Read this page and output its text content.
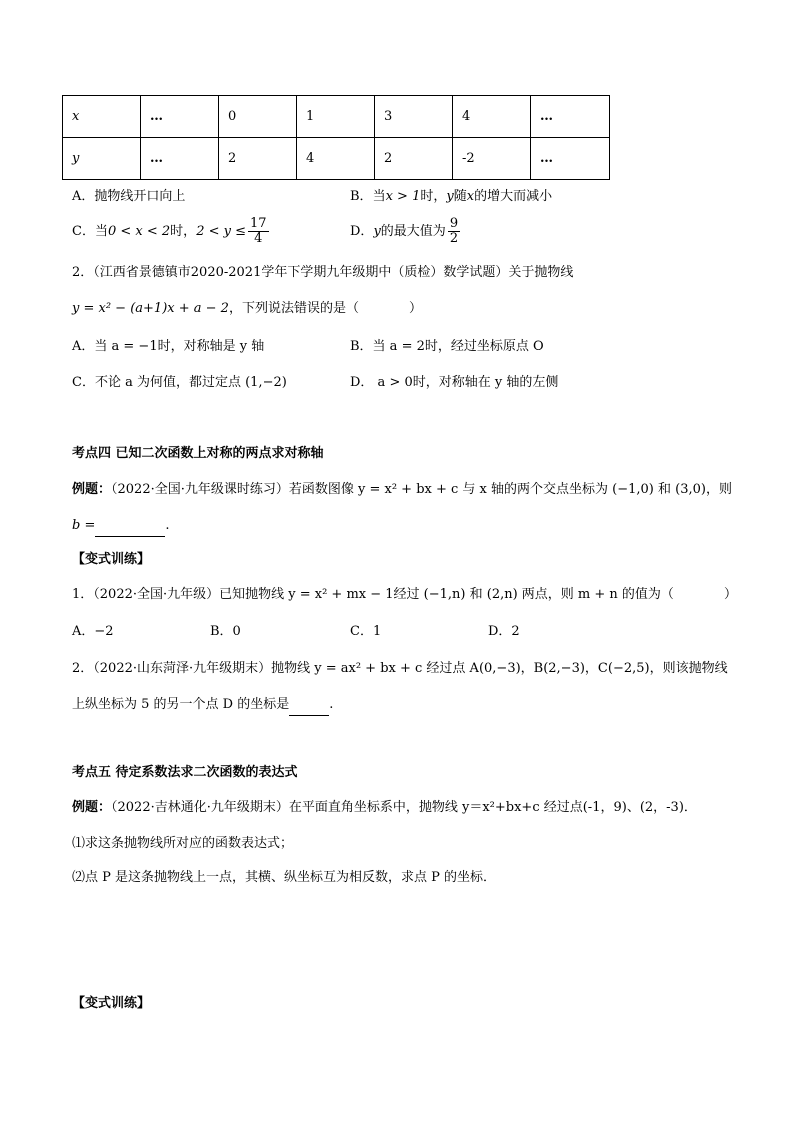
x	…	0	1	3	4	…
y	…	2	4	2	-2	…
A．抛物线开口向上	B．当x > 1时，y随x的增大而减小
C．当0 < x < 2时，$2 < y \le \frac{17}{4}$	D．y的最大值为 $\frac{9}{2}$
2．（江西省景德镇市2020-2021学年下学期九年级期中（质检）数学试题）关于抛物线
y = x² − (a+1)x + a − 2，下列说法错误的是（	）
A．当 a = −1时，对称轴是 y 轴	B．当 a = 2时，经过坐标原点 O
C．不论 a 为何值，都过定点 (1,−2)	D． a > 0时，对称轴在 y 轴的左侧
考点四 已知二次函数上对称的两点求对称轴
例题：（2022·全国·九年级课时练习）若函数图像 y = x² + bx + c 与 x 轴的两个交点坐标为 (−1,0) 和 (3,0)，则
b =	.
【变式训练】
1．（2022·全国·九年级）已知抛物线 y = x² + mx − 1经过 (−1,n) 和 (2,n) 两点，则 m + n 的值为（	）
A．−2	B．0	C．1	D．2
2．（2022·山东菏泽·九年级期末）抛物线 y = ax² + bx + c 经过点 A(0,−3)，B(2,−3)，C(−2,5)，则该抛物线
上纵坐标为 5 的另一个点 D 的坐标是	.
考点五 待定系数法求二次函数的表达式
例题：（2022·吉林通化·九年级期末）在平面直角坐标系中，抛物线 y＝x²+bx+c 经过点(-1，9)、(2，-3)．
⑴求这条抛物线所对应的函数表达式；
⑵点 P 是这条抛物线上一点，其横、纵坐标互为相反数，求点 P 的坐标．
【变式训练】
